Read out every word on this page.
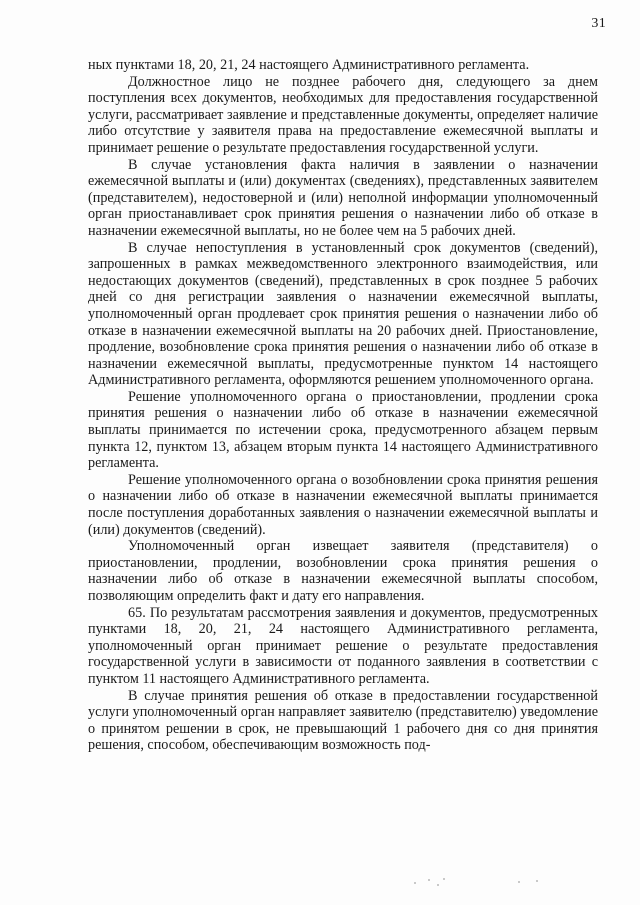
31

ных пунктами 18, 20, 21, 24 настоящего Административного регламента.

Должностное лицо не позднее рабочего дня, следующего за днем поступления всех документов, необходимых для предоставления государственной услуги, рассматривает заявление и представленные документы, определяет наличие либо отсутствие у заявителя права на предоставление ежемесячной выплаты и принимает решение о результате предоставления государственной услуги.

В случае установления факта наличия в заявлении о назначении ежемесячной выплаты и (или) документах (сведениях), представленных заявителем (представителем), недостоверной и (или) неполной информации уполномоченный орган приостанавливает срок принятия решения о назначении либо об отказе в назначении ежемесячной выплаты, но не более чем на 5 рабочих дней.

В случае непоступления в установленный срок документов (сведений), запрошенных в рамках межведомственного электронного взаимодействия, или недостающих документов (сведений), представленных в срок позднее 5 рабочих дней со дня регистрации заявления о назначении ежемесячной выплаты, уполномоченный орган продлевает срок принятия решения о назначении либо об отказе в назначении ежемесячной выплаты на 20 рабочих дней. Приостановление, продление, возобновление срока принятия решения о назначении либо об отказе в назначении ежемесячной выплаты, предусмотренные пунктом 14 настоящего Административного регламента, оформляются решением уполномоченного органа.

Решение уполномоченного органа о приостановлении, продлении срока принятия решения о назначении либо об отказе в назначении ежемесячной выплаты принимается по истечении срока, предусмотренного абзацем первым пункта 12, пунктом 13, абзацем вторым пункта 14 настоящего Административного регламента.

Решение уполномоченного органа о возобновлении срока принятия решения о назначении либо об отказе в назначении ежемесячной выплаты принимается после поступления доработанных заявления о назначении ежемесячной выплаты и (или) документов (сведений).

Уполномоченный орган извещает заявителя (представителя) о приостановлении, продлении, возобновлении срока принятия решения о назначении либо об отказе в назначении ежемесячной выплаты способом, позволяющим определить факт и дату его направления.

65. По результатам рассмотрения заявления и документов, предусмотренных пунктами 18, 20, 21, 24 настоящего Административного регламента, уполномоченный орган принимает решение о результате предоставления государственной услуги в зависимости от поданного заявления в соответствии с пунктом 11 настоящего Административного регламента.

В случае принятия решения об отказе в предоставлении государственной услуги уполномоченный орган направляет заявителю (представителю) уведомление о принятом решении в срок, не превышающий 1 рабочего дня со дня принятия решения, способом, обеспечивающим возможность под-
